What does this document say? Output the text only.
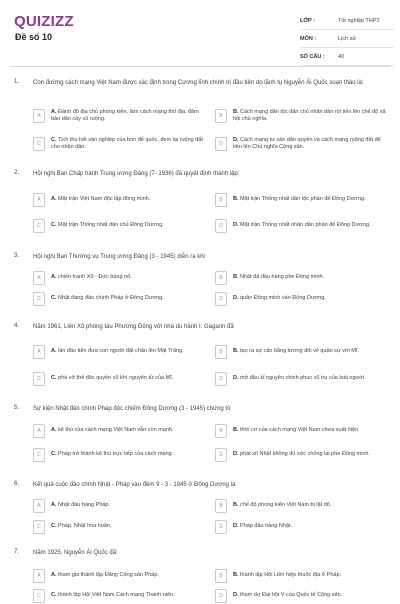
QUIZIZZ
Đề số 10
LỚP :	Tốt nghiệp THPT
MÔN :	Lịch sử
SỐ CÂU :	40
1. Con đường cách mạng Việt Nam được xác định trong Cương lĩnh chính trị đầu tiên do lãnh tụ Nguyễn Ái Quốc soạn thảo là:
A
A. Đánh đổ địa chủ phong kiến, làm cách mạng thổ địa, đảm bảo dân cày có ruộng.	B
B. Cách mạng dân tộc dân chủ nhân dân rồi tiến lên chế độ xã hội chủ nghĩa.
C
C. Tịch thu hết sản nghiệp của bọn đế quốc, đem lại ruộng đất cho nhân dân.	D
D. Cách mạng tư sản dân quyền và cách mạng ruộng đất để tiến lên Chủ nghĩa Cộng sản.
2. Hội nghị Ban Chấp hành Trung ương Đảng (7- 1936) đã quyết định thành lập:
A	A. Mặt trận Việt Nam độc lập đồng minh.	B	B. Mặt trận Thống nhất dân tộc phản đế Đông Dương.
C	C. Mặt trận Thống nhất dân chủ Đông Dương.	D	D. Mặt trận Thống nhất nhân dân phản đế Đông Dương.
3. Hội nghị Ban Thường vụ Trung ương Đảng (3 - 1945) diễn ra khi
A	A. chiến tranh Xô - Đức bùng nổ.	B	B. Nhật đã đầu hàng phe Đồng minh.
C	C. Nhật đang đảo chính Pháp ở Đông Dương.	D	D. quân Đồng minh vào Đông Dương.
4. Năm 1961, Liên Xô phóng tàu Phương Đông với nhà du hành I. Gagarin đã
A	A. lần đầu tiên đưa con người đặt chân lên Mặt Trăng.	B	B. tạo ra sự cân bằng tương đối về quân sự với Mĩ.
C	C. phá vỡ thế độc quyền vũ khí nguyên tử của Mĩ.	D	D. mở đầu kỉ nguyên chinh phục vũ trụ của loài người.
5. Sự kiện Nhật đảo chính Pháp độc chiếm Đông Dương (3 - 1945) chứng tỏ
A	A. kẻ thù của cách mạng Việt Nam vẫn còn mạnh.	B	B. thời cơ của cách mạng Việt Nam chưa xuất hiện.
C	C. Pháp trở thành kẻ thù trực tiếp của cách mạng.	D	D. phát xít Nhật không đủ sức chống lại phe Đồng minh.
6. Kết quả cuộc đảo chính Nhật - Pháp vào đêm 9 - 3 - 1945 ở Đông Dương là
A	A. Nhật đầu hàng Pháp.	B	B. chế độ phong kiến Việt Nam bị lật đổ.
C	C. Pháp, Nhật hòa hoãn.	D	D. Pháp đầu hàng Nhật.
7. Năm 1925, Nguyễn Ái Quốc đã:
A	A. tham gia thành lập Đảng Cộng sản Pháp.	B	B. thành lập Hội Liên hiệp thuộc địa ở Pháp.
C	C. thành lập Hội Việt Nam Cách mạng Thanh niên.	D	D. tham dự Đại hội V của Quốc tế Cộng sản.
